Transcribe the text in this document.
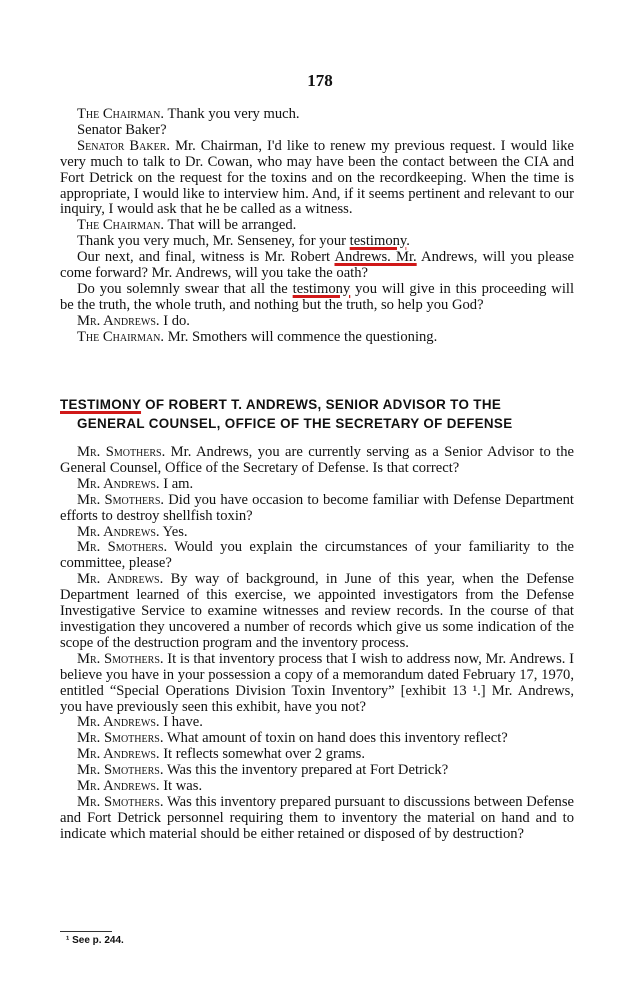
178

The Chairman. Thank you very much.

Senator Baker?

Senator Baker. Mr. Chairman, I'd like to renew my previous request. I would like very much to talk to Dr. Cowan, who may have been the contact between the CIA and Fort Detrick on the request for the toxins and on the recordkeeping. When the time is appropriate, I would like to interview him. And, if it seems pertinent and relevant to our inquiry, I would ask that he be called as a witness.

The Chairman. That will be arranged.

Thank you very much, Mr. Senseney, for your testimony.

Our next, and final, witness is Mr. Robert Andrews. Mr. Andrews, will you please come forward? Mr. Andrews, will you take the oath?

Do you solemnly swear that all the testimony you will give in this proceeding will be the truth, the whole truth, and nothing but the truth, so help you God?

Mr. Andrews. I do.

The Chairman. Mr. Smothers will commence the questioning.

TESTIMONY OF ROBERT T. ANDREWS, SENIOR ADVISOR TO THE
GENERAL COUNSEL, OFFICE OF THE SECRETARY OF DEFENSE

Mr. Smothers. Mr. Andrews, you are currently serving as a Senior Advisor to the General Counsel, Office of the Secretary of Defense. Is that correct?

Mr. Andrews. I am.

Mr. Smothers. Did you have occasion to become familiar with Defense Department efforts to destroy shellfish toxin?

Mr. Andrews. Yes.

Mr. Smothers. Would you explain the circumstances of your familiarity to the committee, please?

Mr. Andrews. By way of background, in June of this year, when the Defense Department learned of this exercise, we appointed investigators from the Defense Investigative Service to examine witnesses and review records. In the course of that investigation they uncovered a number of records which give us some indication of the scope of the destruction program and the inventory process.

Mr. Smothers. It is that inventory process that I wish to address now, Mr. Andrews. I believe you have in your possession a copy of a memorandum dated February 17, 1970, entitled “Special Operations Division Toxin Inventory” [exhibit 13 ¹.] Mr. Andrews, you have previously seen this exhibit, have you not?

Mr. Andrews. I have.

Mr. Smothers. What amount of toxin on hand does this inventory reflect?

Mr. Andrews. It reflects somewhat over 2 grams.

Mr. Smothers. Was this the inventory prepared at Fort Detrick?

Mr. Andrews. It was.

Mr. Smothers. Was this inventory prepared pursuant to discussions between Defense and Fort Detrick personnel requiring them to inventory the material on hand and to indicate which material should be either retained or disposed of by destruction?

¹ See p. 244.
